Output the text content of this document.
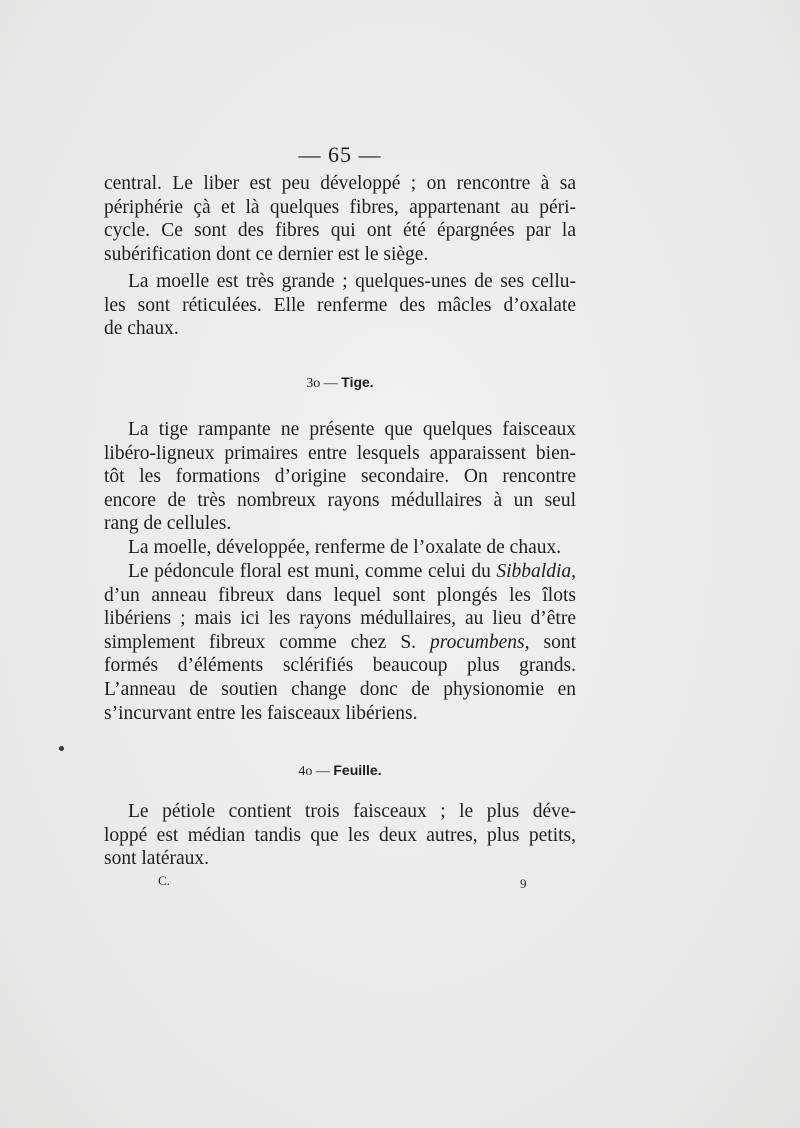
— 65 —
central. Le liber est peu développé ; on rencontre à sa
périphérie çà et là quelques fibres, appartenant au péri-
cycle. Ce sont des fibres qui ont été épargnées par la
subérification dont ce dernier est le siège.
La moelle est très grande ; quelques-unes de ses cellu-
les sont réticulées. Elle renferme des mâcles d’oxalate
de chaux.
3o — Tige.
La tige rampante ne présente que quelques faisceaux
libéro-ligneux primaires entre lesquels apparaissent bien-
tôt les formations d’origine secondaire. On rencontre
encore de très nombreux rayons médullaires à un seul
rang de cellules.
La moelle, développée, renferme de l’oxalate de chaux.
Le pédoncule floral est muni, comme celui du Sibbaldia,
d’un anneau fibreux dans lequel sont plongés les îlots
libériens ; mais ici les rayons médullaires, au lieu d’être
simplement fibreux comme chez S. procumbens, sont
formés d’éléments sclérifiés beaucoup plus grands.
L’anneau de soutien change donc de physionomie en
s’incurvant entre les faisceaux libériens.
4o — Feuille.
Le pétiole contient trois faisceaux ; le plus déve-
loppé est médian tandis que les deux autres, plus petits,
sont latéraux.
C.	9
